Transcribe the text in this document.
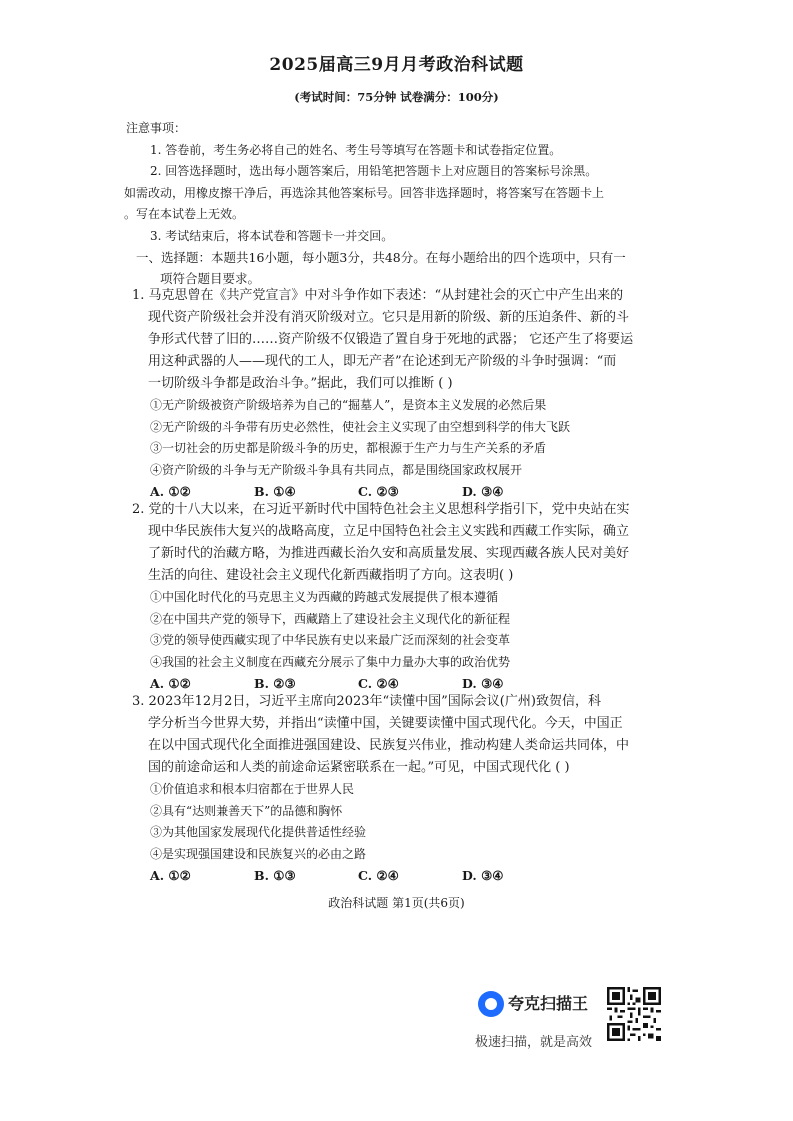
2025届高三9月月考政治科试题
(考试时间：75分钟 试卷满分：100分)
注意事项：
1. 答卷前，考生务必将自己的姓名、考生号等填写在答题卡和试卷指定位置。
2. 回答选择题时，选出每小题答案后，用铅笔把答题卡上对应题目的答案标号涂黑。
如需改动，用橡皮擦干净后，再选涂其他答案标号。回答非选择题时，将答案写在答题卡上
。写在本试卷上无效。
3. 考试结束后，将本试卷和答题卡一并交回。
一、选择题：本题共16小题，每小题3分，共48分。在每小题给出的四个选项中，只有一
项符合题目要求。
1. 马克思曾在《共产党宣言》中对斗争作如下表述：“从封建社会的灭亡中产生出来的
现代资产阶级社会并没有消灭阶级对立。它只是用新的阶级、新的压迫条件、新的斗
争形式代替了旧的……资产阶级不仅锻造了置自身于死地的武器； 它还产生了将要运
用这种武器的人——现代的工人，即无产者”在论述到无产阶级的斗争时强调：“而
一切阶级斗争都是政治斗争。”据此，我们可以推断 ( )
①无产阶级被资产阶级培养为自己的“掘墓人”，是资本主义发展的必然后果
②无产阶级的斗争带有历史必然性，使社会主义实现了由空想到科学的伟大飞跃
③一切社会的历史都是阶级斗争的历史，都根源于生产力与生产关系的矛盾
④资产阶级的斗争与无产阶级斗争具有共同点，都是围绕国家政权展开
A. ①②	B. ①④	C. ②③	D. ③④
2. 党的十八大以来，在习近平新时代中国特色社会主义思想科学指引下，党中央站在实
现中华民族伟大复兴的战略高度，立足中国特色社会主义实践和西藏工作实际，确立
了新时代的治藏方略，为推进西藏长治久安和高质量发展、实现西藏各族人民对美好
生活的向往、建设社会主义现代化新西藏指明了方向。这表明( )
①中国化时代化的马克思主义为西藏的跨越式发展提供了根本遵循
②在中国共产党的领导下，西藏踏上了建设社会主义现代化的新征程
③党的领导使西藏实现了中华民族有史以来最广泛而深刻的社会变革
④我国的社会主义制度在西藏充分展示了集中力量办大事的政治优势
A. ①②	B. ②③	C. ②④	D. ③④
3. 2023年12月2日，习近平主席向2023年“读懂中国”国际会议(广州)致贺信，科
学分析当今世界大势，并指出“读懂中国，关键要读懂中国式现代化。今天，中国正
在以中国式现代化全面推进强国建设、民族复兴伟业，推动构建人类命运共同体，中
国的前途命运和人类的前途命运紧密联系在一起。”可见，中国式现代化 ( )
①价值追求和根本归宿都在于世界人民
②具有“达则兼善天下”的品德和胸怀
③为其他国家发展现代化提供普适性经验
④是实现强国建设和民族复兴的必由之路
A. ①②	B. ①③	C. ②④	D. ③④
政治科试题 第1页(共6页)
夸克扫描王
极速扫描，就是高效
